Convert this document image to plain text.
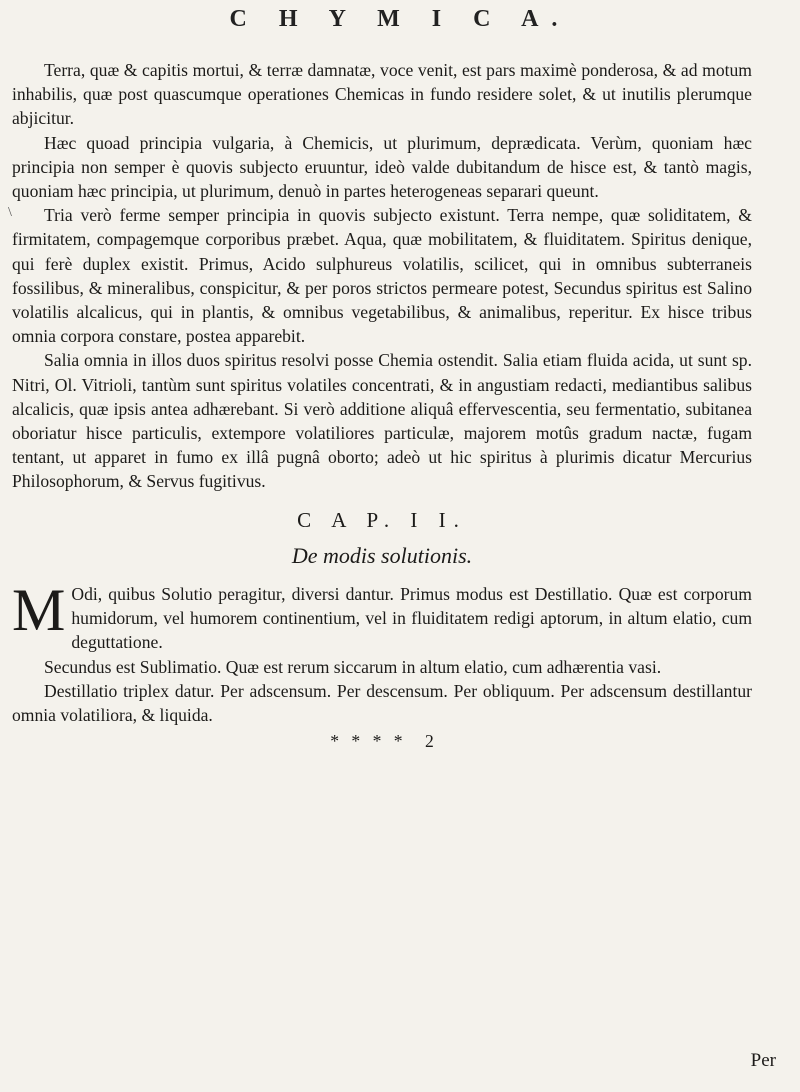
C H Y M I C A.
\

Terra, quæ & capitis mortui, & terræ damnatæ, voce venit, est pars maximè ponderosa, & ad motum inhabilis, quæ post quascumque operationes Chemicas in fundo residere solet, & ut inutilis plerumque abjicitur.

Hæc quoad principia vulgaria, à Chemicis, ut plurimum, deprædicata. Verùm, quoniam hæc principia non semper è quovis subjecto eruuntur, ideò valde dubitandum de hisce est, & tantò magis, quoniam hæc principia, ut plurimum, denuò in partes heterogeneas separari queunt.

Tria verò ferme semper principia in quovis subjecto existunt. Terra nempe, quæ soliditatem, & firmitatem, compagemque corporibus præbet. Aqua, quæ mobilitatem, & fluiditatem. Spiritus denique, qui ferè duplex existit. Primus, Acido sulphureus volatilis, scilicet, qui in omnibus subterraneis fossilibus, & mineralibus, conspicitur, & per poros strictos permeare potest, Secundus spiritus est Salino volatilis alcalicus, qui in plantis, & omnibus vegetabilibus, & animalibus, reperitur. Ex hisce tribus omnia corpora constare, postea apparebit.

Salia omnia in illos duos spiritus resolvi posse Chemia ostendit. Salia etiam fluida acida, ut sunt sp. Nitri, Ol. Vitrioli, tantùm sunt spiritus volatiles concentrati, & in angustiam redacti, mediantibus salibus alcalicis, quæ ipsis antea adhærebant. Si verò additione aliquâ effervescentia, seu fermentatio, subitanea oboriatur hisce particulis, extempore volatiliores particulæ, majorem motûs gradum nactæ, fugam tentant, ut apparet in fumo ex illâ pugnâ oborto; adeò ut hic spiritus à plurimis dicatur Mercurius Philosophorum, & Servus fugitivus.

C A P. I I.
De modis solutionis.

M Odi, quibus Solutio peragitur, diversi dantur. Primus modus est Destillatio. Quæ est corporum humidorum, vel humorem continentium, vel in fluiditatem redigi aptorum, in altum elatio, cum deguttatione.

Secundus est Sublimatio. Quæ est rerum siccarum in altum elatio, cum adhærentia vasi.

Destillatio triplex datur. Per adscensum. Per descensum. Per obliquum. Per adscensum destillantur omnia volatiliora, & liquida.

* * * * 2
Per
